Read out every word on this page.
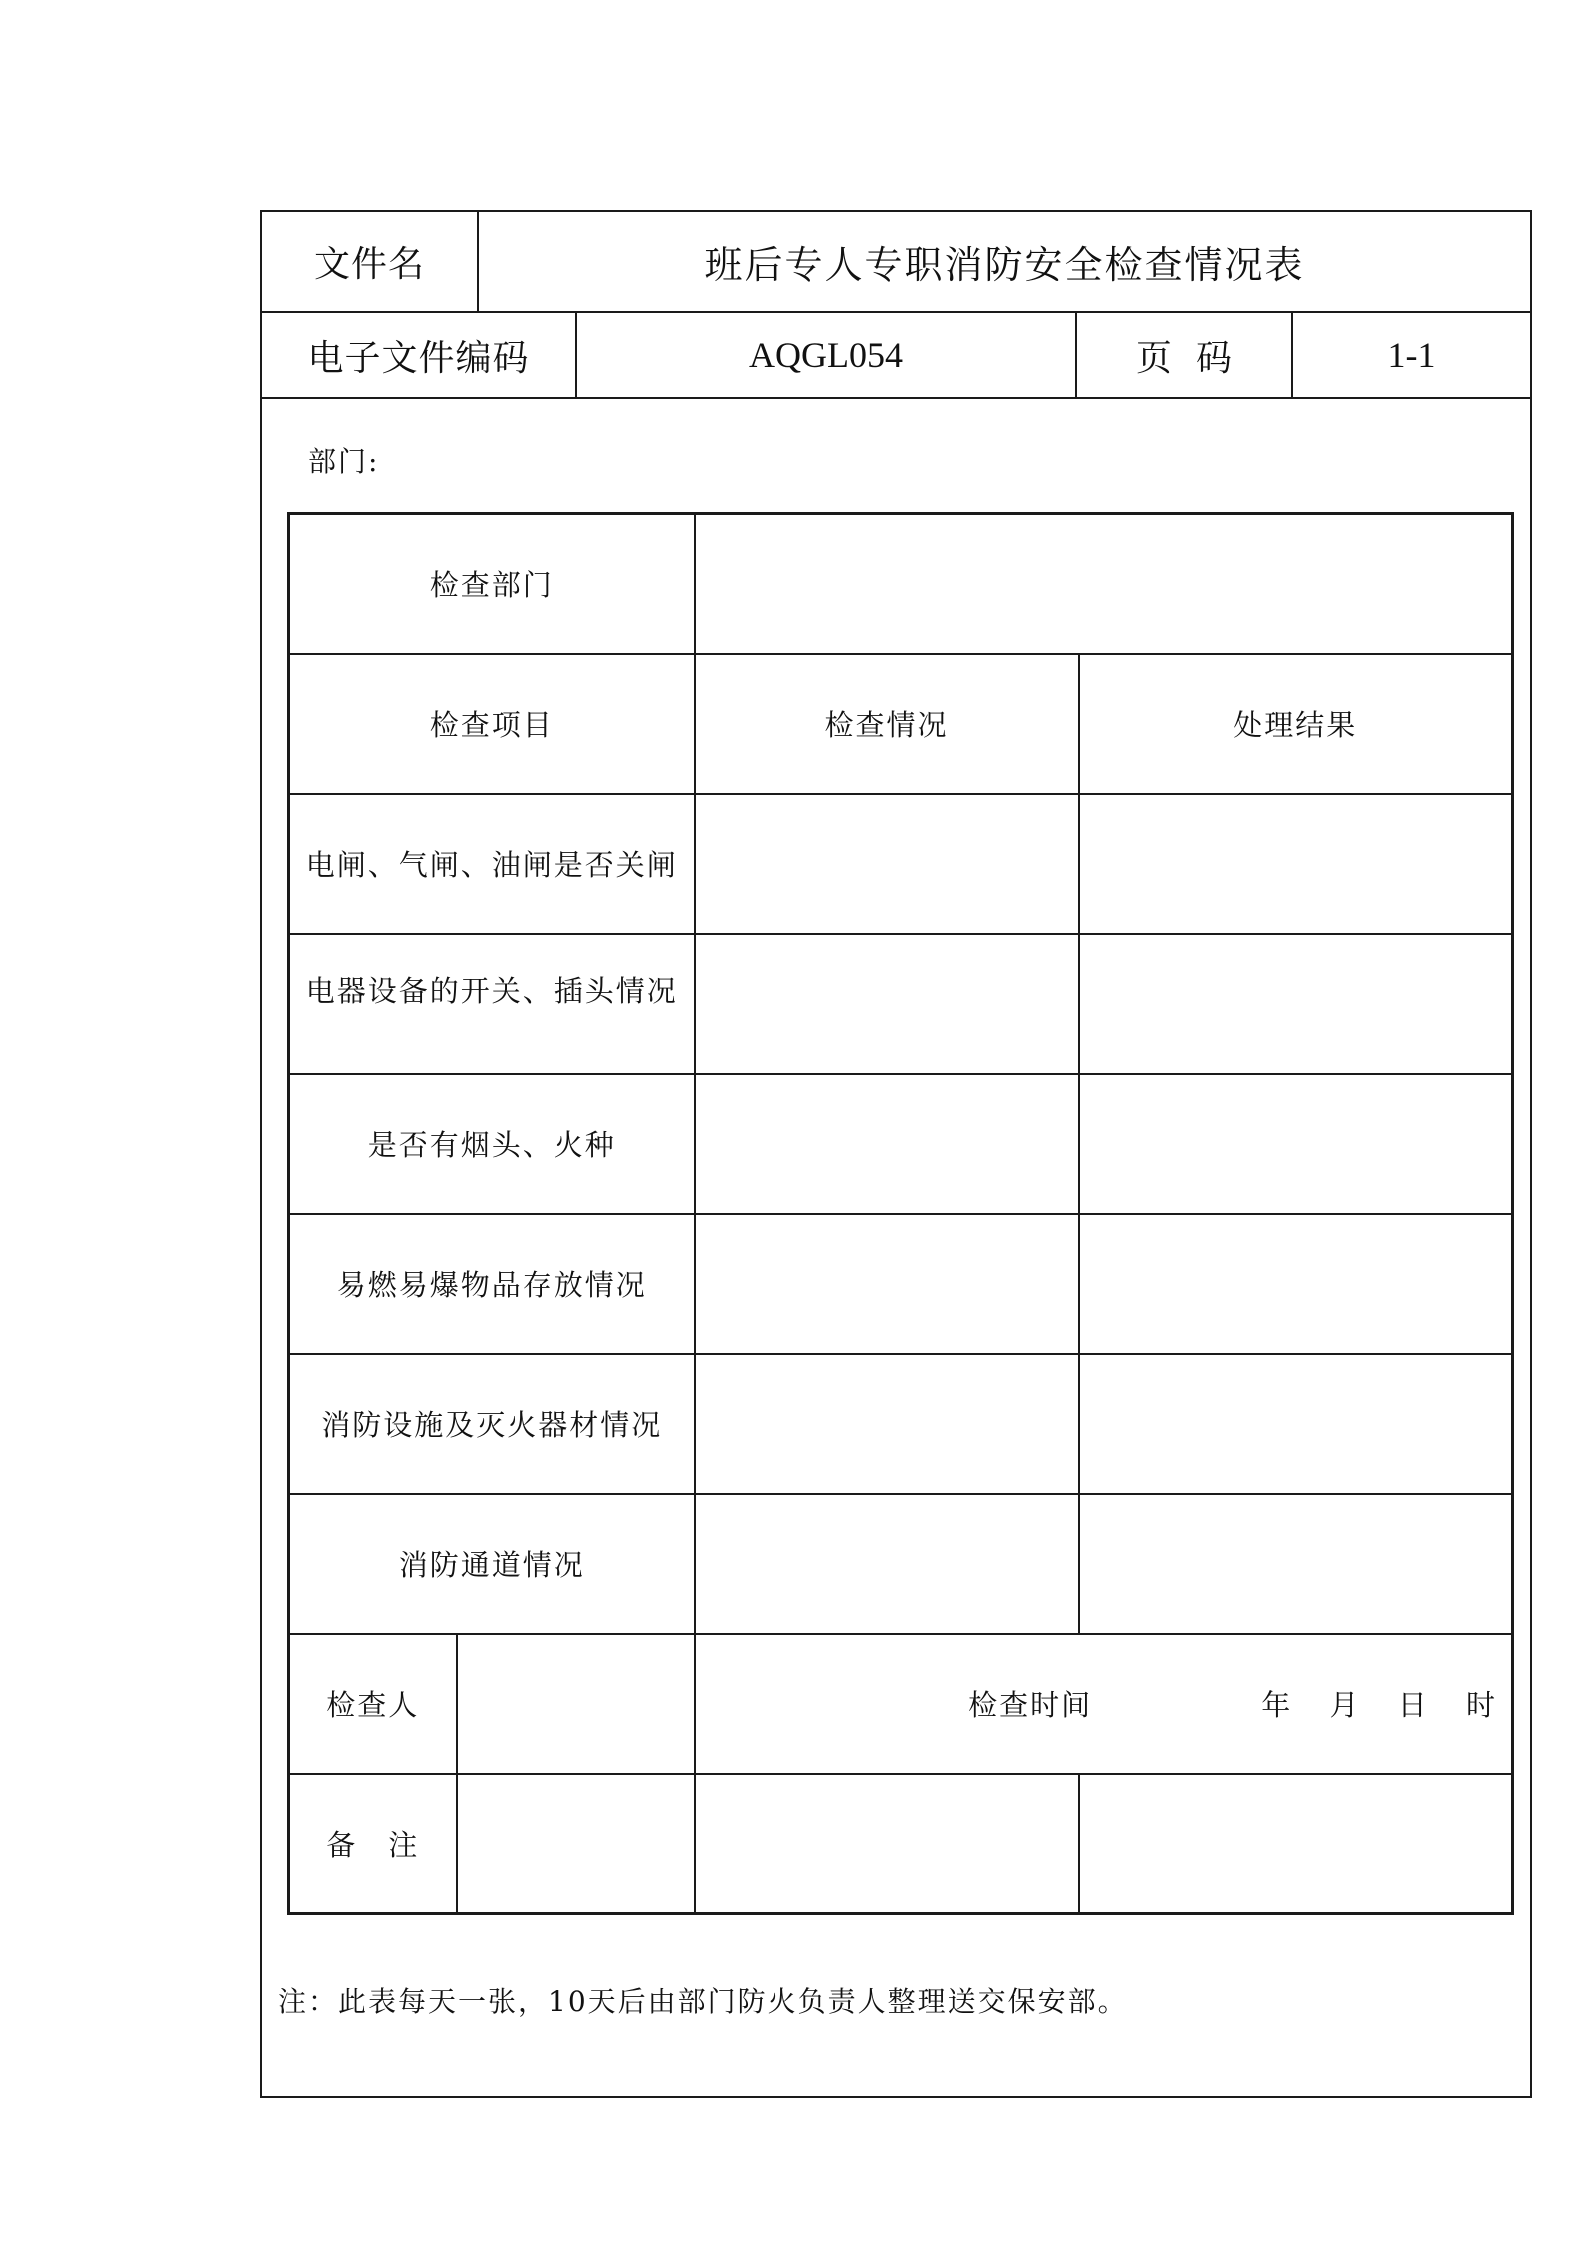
文件名	班后专人专职消防安全检查情况表			
电子文件编码		AQGL054	页码	1-1
部门:
检查部门			
检查项目		检查情况	处理结果
电闸、气闸、油闸是否关闸			
电器设备的开关、插头情况			
是否有烟头、火种			
易燃易爆物品存放情况			
消防设施及灭火器材情况			
消防通道情况			
检查人		检查时间 年 月 日 时	
备　注			
注：此表每天一张，10天后由部门防火负责人整理送交保安部。
